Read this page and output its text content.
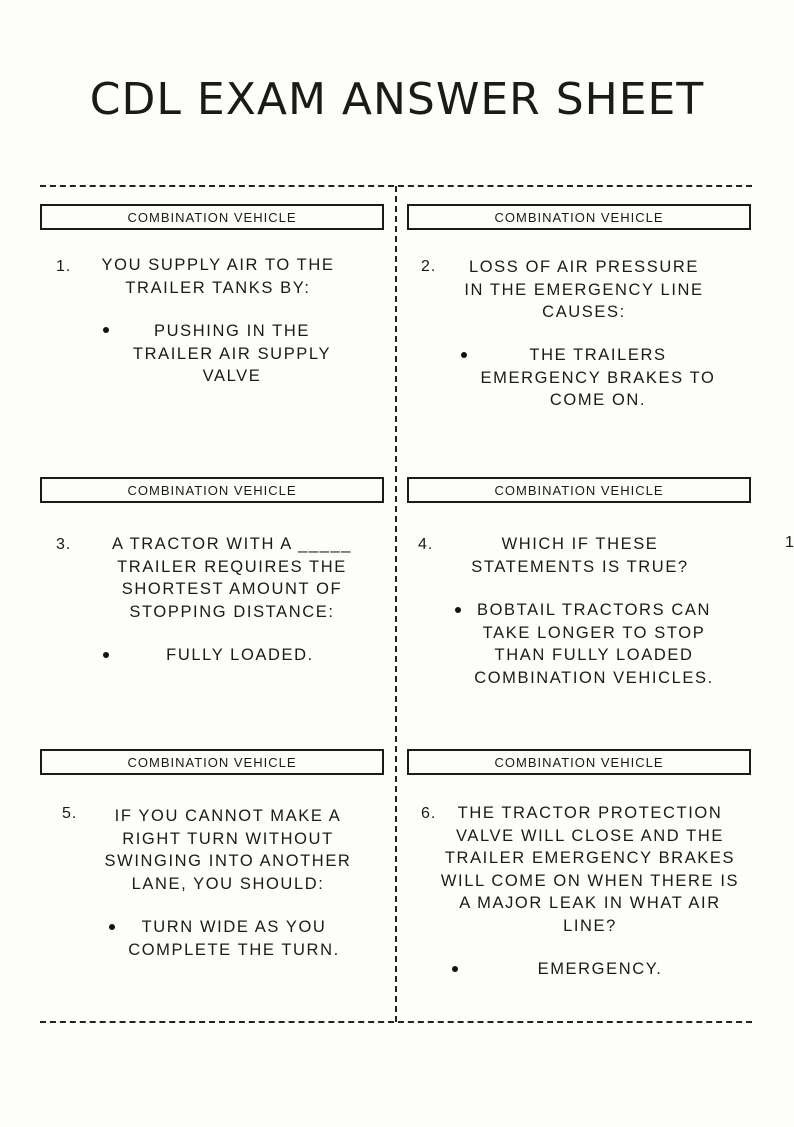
CDL EXAM ANSWER SHEET
COMBINATION VEHICLE
1. YOU SUPPLY AIR TO THE TRAILER TANKS BY:
PUSHING IN THE TRAILER AIR SUPPLY VALVE
COMBINATION VEHICLE
2.	LOSS OF AIR PRESSURE IN THE EMERGENCY LINE CAUSES:
THE TRAILERS EMERGENCY BRAKES TO COME ON.
COMBINATION VEHICLE
3.	A TRACTOR WITH A _____ TRAILER REQUIRES THE SHORTEST AMOUNT OF STOPPING DISTANCE:
FULLY LOADED.
COMBINATION VEHICLE
4.	WHICH IF THESE STATEMENTS IS TRUE?
BOBTAIL TRACTORS CAN TAKE LONGER TO STOP THAN FULLY LOADED COMBINATION VEHICLES.
COMBINATION VEHICLE
5.	IF YOU CANNOT MAKE A RIGHT TURN WITHOUT SWINGING INTO ANOTHER LANE, YOU SHOULD:
TURN WIDE AS YOU COMPLETE THE TURN.
COMBINATION VEHICLE
6.	THE TRACTOR PROTECTION VALVE WILL CLOSE AND THE TRAILER EMERGENCY BRAKES WILL COME ON WHEN THERE IS A MAJOR LEAK IN WHAT AIR LINE?
EMERGENCY.
1
